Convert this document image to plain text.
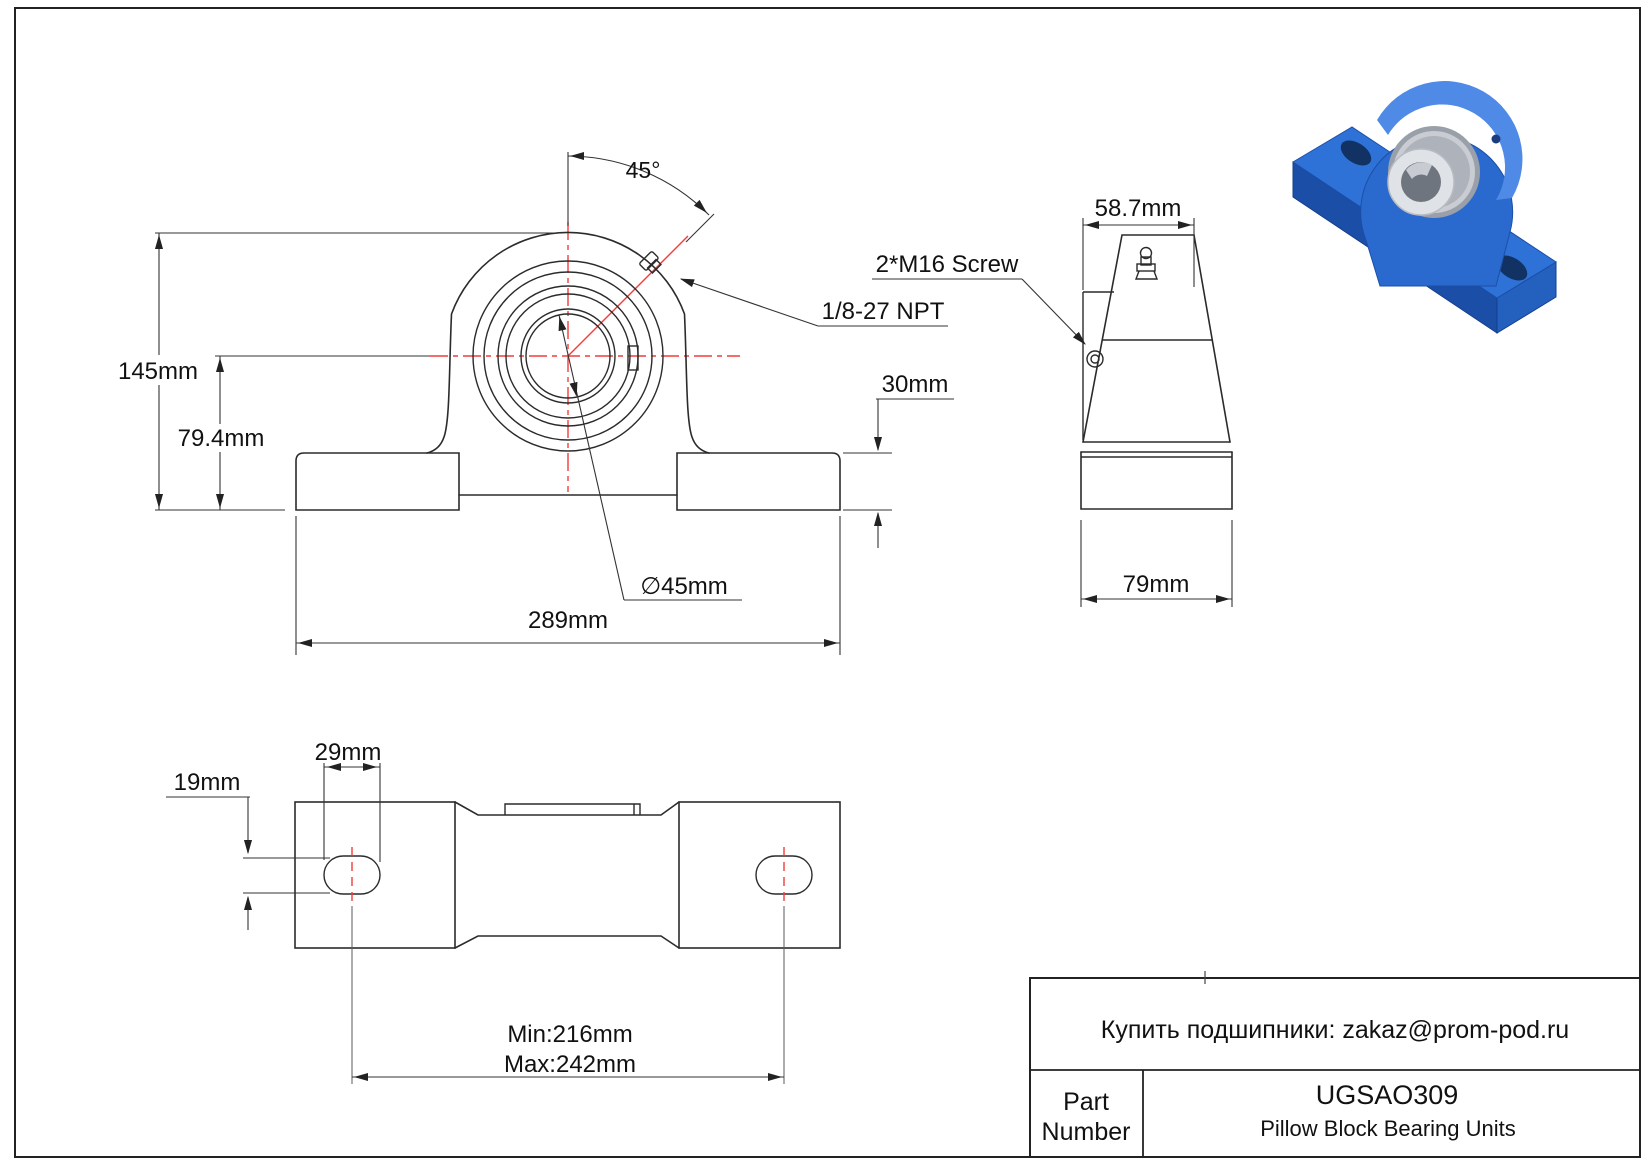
45°
145mm
79.4mm
289mm
30mm
∅45mm
1/8-27 NPT
58.7mm
2*M16 Screw
79mm
29mm
19mm
Min:216mm
Max:242mm
Купить подшипники: zakaz@prom-pod.ru
Part
Number
UGSAO309
Pillow Block Bearing Units
